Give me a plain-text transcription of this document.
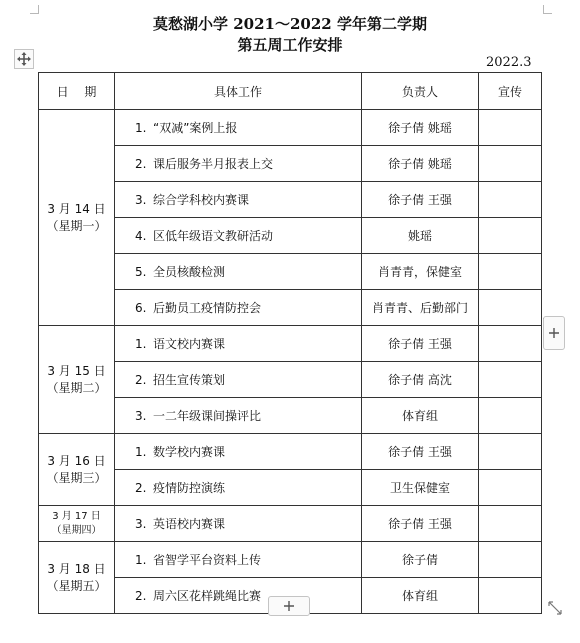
莫愁湖小学 2021～2022 学年第二学期
第五周工作安排
2022.3
日　 期	具体工作	负责人	宣传

3 月 14 日
（星期一）	1. “双减”案例上报	徐子倩 姚瑶	
	2. 课后服务半月报表上交	徐子倩 姚瑶	
	3. 综合学科校内赛课	徐子倩 王强	
	4. 区低年级语文教研活动	姚瑶	
	5. 全员核酸检测	肖青青，保健室	
	6. 后勤员工疫情防控会	肖青青、后勤部门	

3 月 15 日
（星期二）	1. 语文校内赛课	徐子倩 王强	
	2. 招生宣传策划	徐子倩 高沈	
	3. 一二年级课间操评比	体育组	

3 月 16 日
（星期三）	1. 数学校内赛课	徐子倩 王强	
	2. 疫情防控演练	卫生保健室	

3 月 17 日
（星期四）	3. 英语校内赛课	徐子倩 王强	

3 月 18 日
（星期五）	1. 省智学平台资料上传	徐子倩	
	2. 周六区花样跳绳比赛	体育组	
